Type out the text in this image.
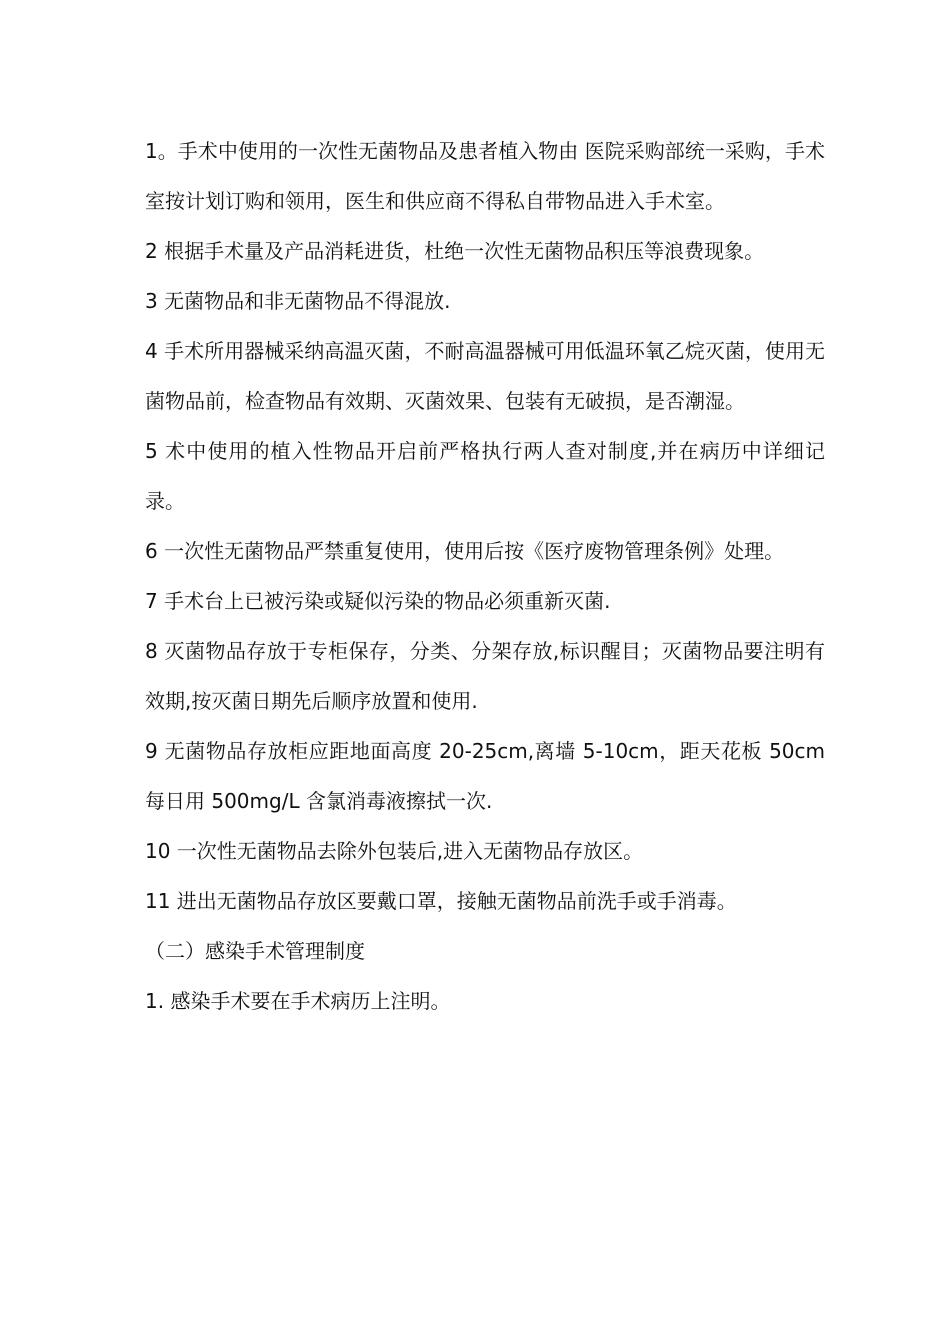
1。手术中使用的一次性无菌物品及患者植入物由 医院采购部统一采购，手术室按计划订购和领用，医生和供应商不得私自带物品进入手术室。

2 根据手术量及产品消耗进货，杜绝一次性无菌物品积压等浪费现象。

3 无菌物品和非无菌物品不得混放.

4 手术所用器械采纳高温灭菌，不耐高温器械可用低温环氧乙烷灭菌，使用无菌物品前，检查物品有效期、灭菌效果、包装有无破损，是否潮湿。

5 术中使用的植入性物品开启前严格执行两人查对制度,并在病历中详细记录。

6 一次性无菌物品严禁重复使用，使用后按《医疗废物管理条例》处理。

7 手术台上已被污染或疑似污染的物品必须重新灭菌.

8 灭菌物品存放于专柜保存，分类、分架存放,标识醒目；灭菌物品要注明有效期,按灭菌日期先后顺序放置和使用.

9 无菌物品存放柜应距地面高度 20-25cm,离墙 5-10cm，距天花板 50cm 每日用 500mg/L 含氯消毒液擦拭一次.

10 一次性无菌物品去除外包装后,进入无菌物品存放区。

11 进出无菌物品存放区要戴口罩，接触无菌物品前洗手或手消毒。

（二）感染手术管理制度

1. 感染手术要在手术病历上注明。
